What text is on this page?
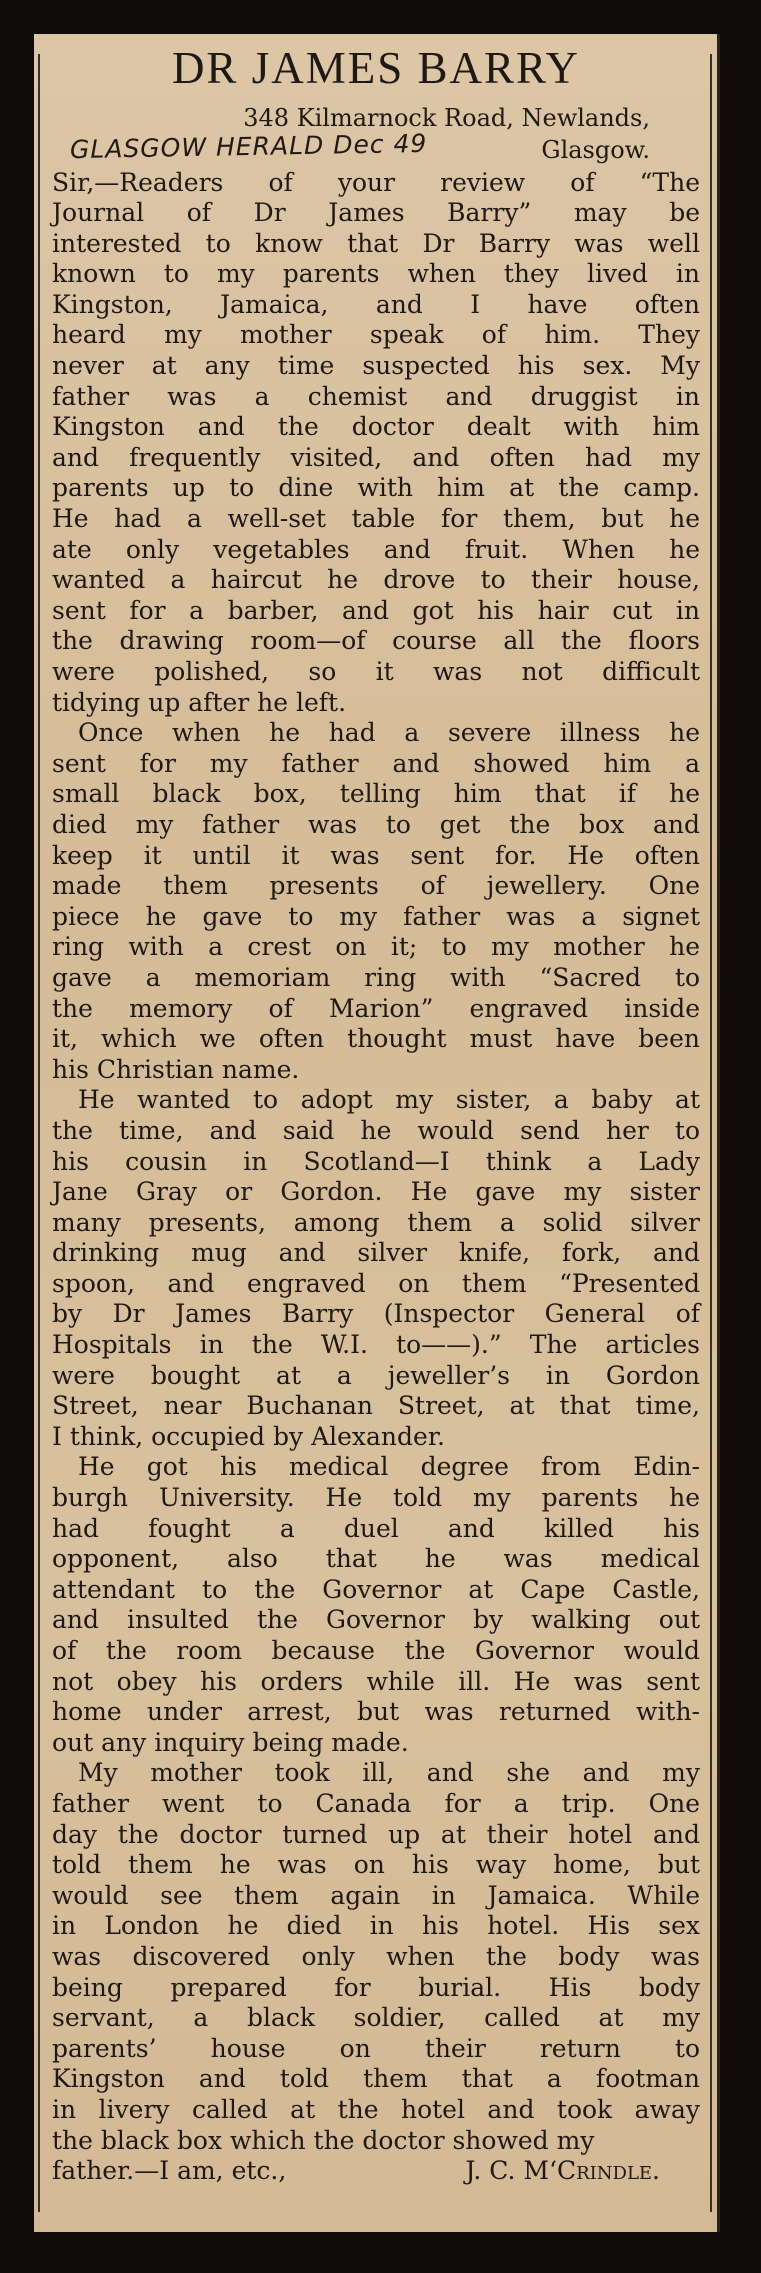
DR JAMES BARRY
348 Kilmarnock Road, Newlands,
GLASGOW HERALD Dec 49	Glasgow.
Sir,—Readers of your review of “The
Journal of Dr James Barry” may be
interested to know that Dr Barry was well
known to my parents when they lived in
Kingston, Jamaica, and I have often
heard my mother speak of him. They
never at any time suspected his sex. My
father was a chemist and druggist in
Kingston and the doctor dealt with him
and frequently visited, and often had my
parents up to dine with him at the camp.
He had a well-set table for them, but he
ate only vegetables and fruit. When he
wanted a haircut he drove to their house,
sent for a barber, and got his hair cut in
the drawing room—of course all the floors
were polished, so it was not difficult
tidying up after he left.
Once when he had a severe illness he
sent for my father and showed him a
small black box, telling him that if he
died my father was to get the box and
keep it until it was sent for. He often
made them presents of jewellery. One
piece he gave to my father was a signet
ring with a crest on it; to my mother he
gave a memoriam ring with “Sacred to
the memory of Marion” engraved inside
it, which we often thought must have been
his Christian name.
He wanted to adopt my sister, a baby at
the time, and said he would send her to
his cousin in Scotland—I think a Lady
Jane Gray or Gordon. He gave my sister
many presents, among them a solid silver
drinking mug and silver knife, fork, and
spoon, and engraved on them “Presented
by Dr James Barry (Inspector General of
Hospitals in the W.I. to——).” The articles
were bought at a jeweller’s in Gordon
Street, near Buchanan Street, at that time,
I think, occupied by Alexander.
He got his medical degree from Edin-
burgh University. He told my parents he
had fought a duel and killed his
opponent, also that he was medical
attendant to the Governor at Cape Castle,
and insulted the Governor by walking out
of the room because the Governor would
not obey his orders while ill. He was sent
home under arrest, but was returned with-
out any inquiry being made.
My mother took ill, and she and my
father went to Canada for a trip. One
day the doctor turned up at their hotel and
told them he was on his way home, but
would see them again in Jamaica. While
in London he died in his hotel. His sex
was discovered only when the body was
being prepared for burial. His body
servant, a black soldier, called at my
parents’ house on their return to
Kingston and told them that a footman
in livery called at the hotel and took away
the black box which the doctor showed my
father.—I am, etc.,	J. C. M‘Crindle.
